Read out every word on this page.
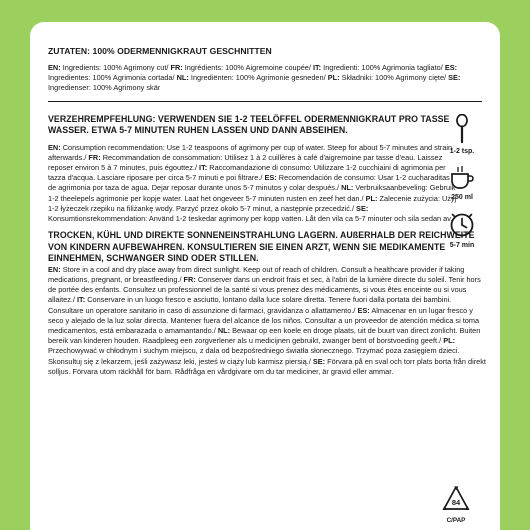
ZUTATEN: 100% ODERMENNIGKRAUT GESCHNITTEN

EN: Ingredients: 100% Agrimony cut/ FR: Ingrédients: 100% Aigremoine coupée/ IT: Ingredienti: 100% Agrimonia tagliato/ ES: Ingredientes: 100% Agrimonia cortada/ NL: Ingrediënten: 100% Agrimonie gesneden/ PL: Składniki: 100% Agrimony cięte/ SE: Ingredienser: 100% Agrimony skär

VERZEHREMPFEHLUNG: VERWENDEN SIE 1-2 TEELÖFFEL ODERMENNIGKRAUT PRO TASSE WASSER. ETWA 5-7 MINUTEN RUHEN LASSEN UND DANN ABSEIHEN.

EN: Consumption recommendation: Use 1-2 teaspoons of agrimony per cup of water. Steep for about 5-7 minutes and strain afterwards./ FR: Recommandation de consommation: Utilisez 1 à 2 cuillères à café d'aigremoine par tasse d'eau. Laissez reposer environ 5 à 7 minutes, puis égouttez./ IT: Raccomandazione di consumo: Utilizzare 1-2 cucchiaini di agrimonia per tazza d'acqua. Lasciare riposare per circa 5-7 minuti e poi filtrare./ ES: Recomendación de consumo: Usar 1-2 cucharaditas de agrimonia por taza de agua. Dejar reposar durante unos 5-7 minutos y colar después./ NL: Verbruiksaanbeveling: Gebruik 1-2 theelepels agrimonie per kopje water. Laat het ongeveer 5-7 minuten rusten en zeef het dan./ PL: Zalecenie zużycia: Użyj 1-2 łyżeczek rzepiku na filiżankę wody. Parzyć przez około 5-7 minut, a następnie przecedzić./ SE: Konsumtionsrekommendation: Använd 1-2 teskedar agrimony per kopp vatten. Låt den vila ca 5-7 minuter och sila sedan av.

1-2 tsp.
250 ml
5-7 min
TROCKEN, KÜHL UND DIREKTE SONNENEINSTRAHLUNG LAGERN. AUßERHALB DER REICHWEITE VON KINDERN AUFBEWAHREN. KONSULTIEREN SIE EINEN ARZT, WENN SIE MEDIKAMENTE EINNEHMEN, SCHWANGER SIND ODER STILLEN.

EN: Store in a cool and dry place away from direct sunlight. Keep out of reach of children. Consult a healthcare provider if taking medications, pregnant, or breastfeeding./ FR: Conserver dans un endroit frais et sec, à l'abri de la lumière directe du soleil. Tenir hors de portée des enfants. Consultez un professionnel de la santé si vous prenez des médicaments, si vous êtes enceinte ou si vous allaitez./ IT: Conservare in un luogo fresco e asciutto, lontano dalla luce solare diretta. Tenere fuori dalla portata dei bambini. Consultare un operatore sanitario in caso di assunzione di farmaci, gravidanza o allattamento./ ES: Almacenar en un lugar fresco y seco y alejado de la luz solar directa. Mantener fuera del alcance de los niños. Consultar a un proveedor de atención médica si toma medicamentos, está embarazada o amamantando./ NL: Bewaar op een koele en droge plaats, uit de buurt van direct zonlicht. Buiten bereik van kinderen houden. Raadpleeg een zorgverlener als u medicijnen gebruikt, zwanger bent of borstvoeding geeft./ PL: Przechowywać w chłodnym i suchym miejscu, z dala od bezpośredniego światła słonecznego. Trzymać poza zasięgiem dzieci. Skonsultuj się z lekarzem, jeśli zażywasz leki, jesteś w ciąży lub karmisz piersią./ SE: Förvara på en sval och torr plats borta från direkt solljus. Förvara utom räckhåll för barn. Rådfråga en vårdgivare om du tar mediciner, är gravid eller ammar.

84
C/PAP
